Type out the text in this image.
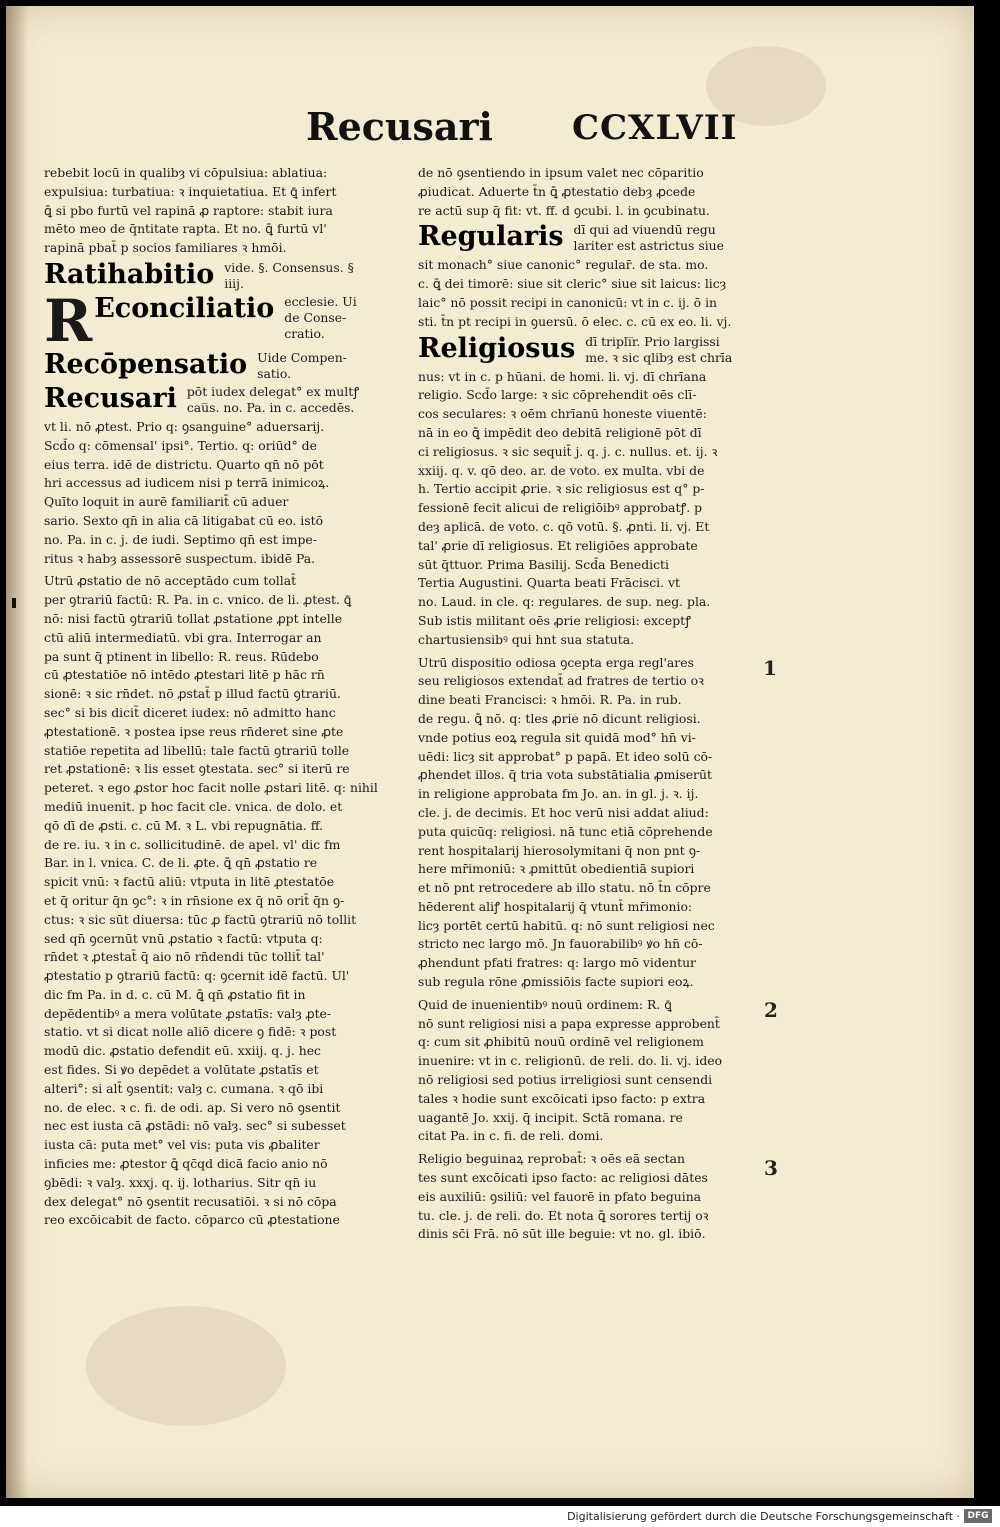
Recusari CCXLVII
rebebit locū in qualibȝ vi cōpulsiua: ablatiua:
expulsiua: turbatiua: ꝛ inquietatiua. Et ꝗ̄ infert
ꝗ̄ si pbo furtū vel rapinā ꝓ raptore: stabit iura
mēto meo de q̄ntitate rapta. Et no. ꝗ̄ furtū vl'
rapinā pbat̄ p socios familiares ꝛ hmōi.
Ratihabitio vide. §. Consensus. §
iiij.
REconciliatio ecclesie. Ui
de Conse-
cratio.
Recōpensatio Uide Compen-
satio.
Recusari pōt iudex delegat° ex multꝭ
cau̅s. no. Pa. in c. accedēs.
vt li. nō ꝓtest. Prio q: ꝯsanguine° aduersarij.
Scd̄o q: cōmensal' ipsi°. Tertio. q: oriūd° de
eius terra. idē de districtu. Quarto qn̄ nō pōt
hri accessus ad iudicem nisi p terrā inimicoꝝ.
Quīto loquit in aurē familiarit̄ cū aduer
sario. Sexto qn̄ in alia cā litigabat cū eo. istō
no. Pa. in c. j. de iudi. Septimo qn̄ est impe-
ritus ꝛ habȝ assessorē suspectum. ibidē Pa.
Utrū ꝓstatio de nō acceptādo cum tollat̄
per ꝯtrariū factū: R. Pa. in c. vnico. de li. ꝓtest. ꝗ̄
nō: nisi factū ꝯtrariū tollat ꝓstatione ꝓpt intelle
ctū aliū intermediatū. vbi gra. Interrogar an
pa sunt q̄ ptinent in libello: R. reus. Rūdebo
cū ꝓtestatiōe nō intēdo ꝓtestari litē p hāc rn̄
sionē: ꝛ sic rn̄det. nō ꝓstat̄ p illud factū ꝯtrariū.
sec° si bis dicit̄ diceret iudex: nō admitto hanc
ꝓtestationē. ꝛ postea ipse reus rn̄deret sine ꝓte
statiōe repetita ad libellū: tale factū ꝯtrariū tolle
ret ꝓstationē: ꝛ lis esset ꝯtestata. sec° si iterū re
peteret. ꝛ ego ꝓstor hoc facit nolle ꝓstari litē. q: nihil
mediū inuenit. p hoc facit cle. vnica. de dolo. et
qō dī de ꝓsti. c. cū M. ꝛ L. vbi repugnātia. ff.
de re. iu. ꝛ in c. sollicitudinē. de apel. vl' dic fm
Bar. in l. vnica. C. de li. ꝓte. ꝗ̄ qn̄ ꝓstatio re
spicit vnū: ꝛ factū aliū: vtputa in litē ꝓtestatōe
et q̄ oritur q̄n ꝯc°: ꝛ in rn̄sione ex q̄ nō orit̄ q̄n ꝯ-
ctus: ꝛ sic sūt diuersa: tūc ꝓ factū ꝯtrariū nō tollit
sed qn̄ ꝯcernūt vnū ꝓstatio ꝛ factū: vtputa q:
rn̄det ꝛ ꝓtestat̄ q̄ aio nō rn̄dendi tūc tollit̄ tal'
ꝓtestatio p ꝯtrariū factū: q: ꝯcernit idē factū. Ul'
dic fm Pa. in d. c. cū M. ꝗ̄ qn̄ ꝓstatio fit in
depēdentibꝰ a mera volūtate ꝓstatīs: valȝ ꝓte-
statio. vt si dicat nolle aliō dicere ꝯ fidē: ꝛ post
modū dic. ꝓstatio defendit eū. xxiij. q. j. hec
est fides. Si ꝟo depēdet a volūtate ꝓstatīs et
alteri°: si alt̄ ꝯsentit: valȝ c. cumana. ꝛ qō ibi
no. de elec. ꝛ c. fi. de odi. ap. Si vero nō ꝯsentit
nec est iusta cā ꝓstādi: nō valȝ. sec° si subesset
iusta cā: puta met° vel vis: puta vis ꝓbaliter
inficies me: ꝓtestor ꝗ̄ qc̄qd dicā facio anio nō
ꝯbēdi: ꝛ valȝ. xxxj. q. ij. lotharius. Sitr qn̄ iu
dex delegat° nō ꝯsentit recusatiōi. ꝛ si nō cōpa
reo excōicabit de facto. cōparco cū ꝓtestatione
de nō ꝯsentiendo in ipsum valet nec cōparitio
ꝓiudicat. Aduerte t̄n ꝗ̄ ꝓtestatio debȝ ꝓcede
re actū sup q̄ fit: vt. ff. d ꝯcubi. l. in ꝯcubinatu.
Regularis dī qui ad viuendū regu
lariter est astrictus siue
sit monach° siue canonic° regular̄. de sta. mo.
c. ꝗ̄ dei timorē: siue sit cleric° siue sit laicus: licȝ
laic° nō possit recipi in canonicū: vt in c. ij. ō in
sti. t̄n pt recipi in ꝯuersū. ō elec. c. cū ex eo. li. vj.
Religiosus dī tripli̅r. Prio largissi
me. ꝛ sic qlibȝ est chrīa
nus: vt in c. p hūani. de homi. li. vj. dī chrīana
religio. Scd̄o large: ꝛ sic cōprehendit oēs clī-
cos seculares: ꝛ oēm chrīanū honeste viuentē:
nā in eo ꝗ̄ impēdit deo debitā religionē pōt dī
ci religiosus. ꝛ sic sequit̄ j. q. j. c. nullus. et. ij. ꝛ
xxiij. q. v. qō deo. ar. de voto. ex multa. vbi de
h. Tertio accipit ꝓrie. ꝛ sic religiosus est q° p-
fessionē fecit alicui de religiōibꝰ approbatꝭ. p
deȝ aplicā. de voto. c. qō votū. §. ꝓnti. li. vj. Et
tal' ꝓrie dī religiosus. Et religiōes approbate
sūt q̄ttuor. Prima Basilij. Scd̄a Benedicti
Tertia Augustini. Quarta beati Frācisci. vt
no. Laud. in cle. q: regulares. de sup. neg. pla.
Sub istis militant oēs ꝓrie religiosi: exceptꝭ
chartusiensibꝰ qui hnt sua statuta.
Utrū dispositio odiosa ꝯcepta erga regl'ares
seu religiosos extendat̄ ad fratres de tertio oꝛ
dine beati Francisci: ꝛ hmōi. R. Pa. in rub.
de regu. ꝗ̄ nō. q: tles ꝓrie nō dicunt religiosi.
vnde potius eoꝝ regula sit quidā mod° hn̄ vi-
uēdi: licȝ sit approbat° p papā. Et ideo solū cō-
ꝓhendet illos. q̄ tria vota substātialia ꝓmiserūt
in religione approbata fm Jo. an. in gl. j. ꝛ. ij.
cle. j. de decimis. Et hoc verū nisi addat aliud:
puta quicūq: religiosi. nā tunc etiā cōprehende
rent hospitalarij hierosolymitani q̄ non pnt ꝯ-
here mr̄imoniū: ꝛ ꝓmittūt obedientiā supiori
et nō pnt retrocedere ab illo statu. nō t̄n cōpre
hēderent aliꝭ hospitalarij q̄ vtunt̄ mr̄imonio:
licȝ portēt certū habitū. q: nō sunt religiosi nec
stricto nec largo mō. Jn fauorabilibꝰ ꝟo hn̄ cō-
ꝓhendunt pfati fratres: q: largo mō videntur
sub regula rōne ꝓmissiōis facte supiori eoꝝ.
Quid de inuenientibꝰ nouū ordinem: R. ꝗ̄
nō sunt religiosi nisi a papa expresse approbent̄
q: cum sit ꝓhibitū nouū ordinē vel religionem
inuenire: vt in c. religionū. de reli. do. li. vj. ideo
nō religiosi sed potius irreligiosi sunt censendi
tales ꝛ hodie sunt excōicati ipso facto: p extra
uagantē Jo. xxij. q̄ incipit. Sctā romana. re
citat Pa. in c. fi. de reli. domi.
Religio beguinaꝝ reprobat̄: ꝛ oēs eā sectan
tes sunt excōicati ipso facto: ac religiosi dātes
eis auxiliū: ꝯsiliū: vel fauorē in pfato beguina
tu. cle. j. de reli. do. Et nota ꝗ̄ sorores tertij oꝛ
dinis sc̄i Frā. nō sūt ille beguie: vt no. gl. ibiō.
1
2
3
Digitalisierung gefördert durch die Deutsche Forschungsgemeinschaft · DFG
